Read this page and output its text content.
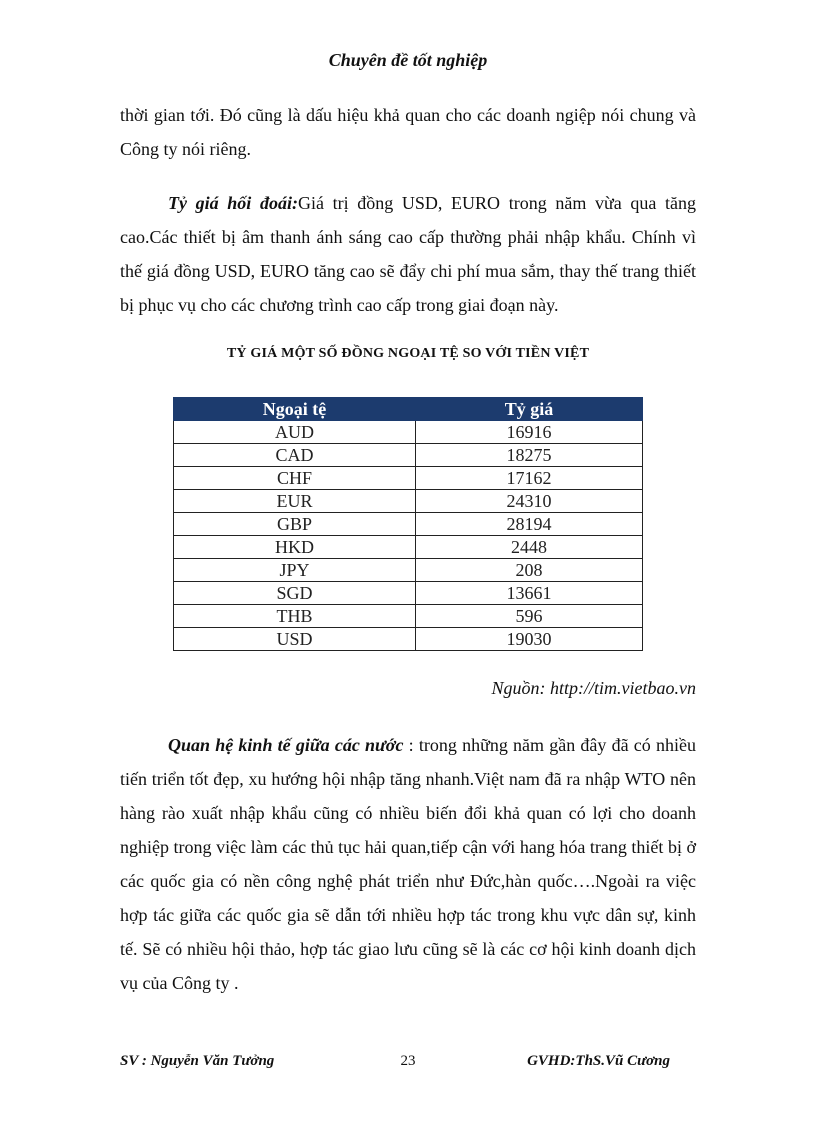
Chuyên đề tốt nghiệp

thời gian tới. Đó cũng là dấu hiệu khả quan cho các doanh ngiệp nói chung và Công ty nói riêng.

Tỷ giá hối đoái:Giá trị đồng USD, EURO trong năm vừa qua tăng cao.Các thiết bị âm thanh ánh sáng cao cấp thường phải nhập khẩu. Chính vì thế giá đồng USD, EURO tăng cao sẽ đẩy chi phí mua sắm, thay thế trang thiết bị phục vụ cho các chương trình cao cấp trong giai đoạn này.

TỶ GIÁ MỘT SỐ ĐỒNG NGOẠI TỆ SO VỚI TIỀN VIỆT
Ngoại tệ	Tỷ giá
AUD	16916
CAD	18275
CHF	17162
EUR	24310
GBP	28194
HKD	2448
JPY	208
SGD	13661
THB	596
USD	19030
Nguồn: http://tim.vietbao.vn

Quan hệ kinh tế giữa các nước : trong những năm gần đây đã có nhiều tiến triển tốt đẹp, xu hướng hội nhập tăng nhanh.Việt nam đã ra nhập WTO nên hàng rào xuất nhập khẩu cũng có nhiều biến đổi khả quan có lợi cho doanh nghiệp trong việc làm các thủ tục hải quan,tiếp cận với hang hóa trang thiết bị ở các quốc gia có nền công nghệ phát triển như Đức,hàn quốc….Ngoài ra việc hợp tác giữa các quốc gia sẽ dẫn tới nhiều hợp tác trong khu vực dân sự, kinh tế. Sẽ có nhiều hội thảo, hợp tác giao lưu cũng sẽ là các cơ hội kinh doanh dịch vụ của Công ty .

SV : Nguyễn Văn Tưởng	23	GVHD:ThS.Vũ Cương
